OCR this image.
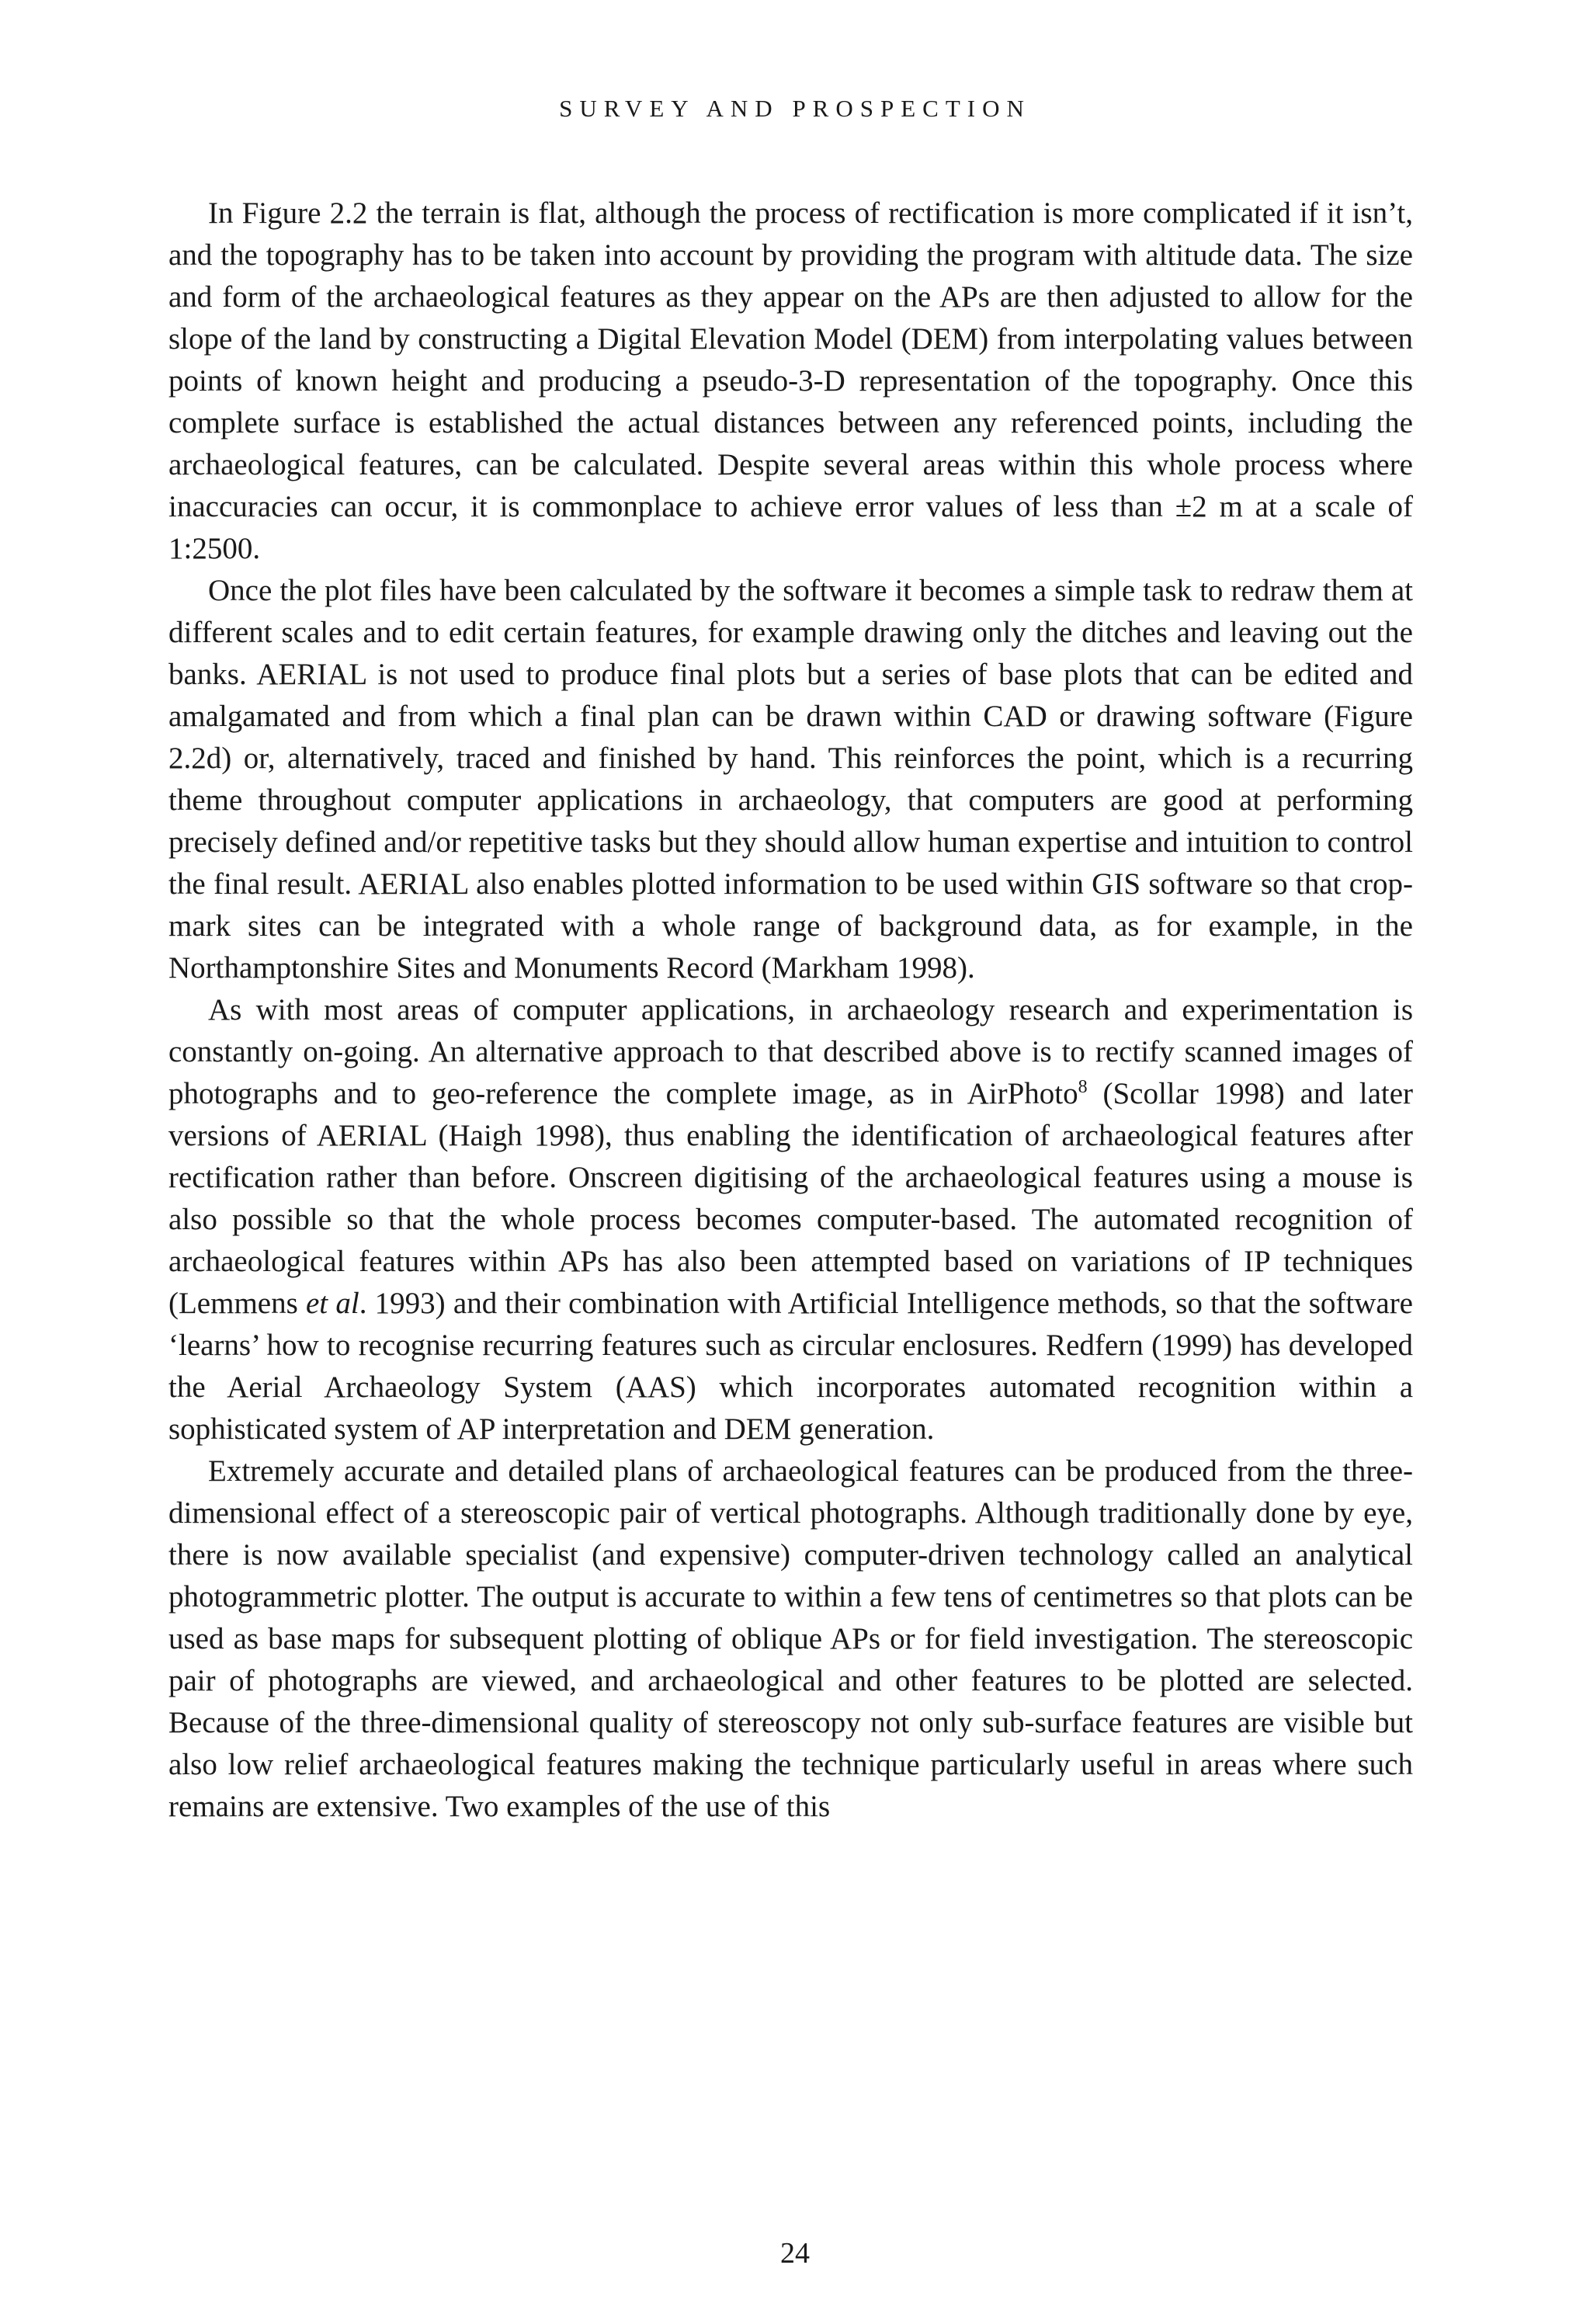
SURVEY AND PROSPECTION

In Figure 2.2 the terrain is flat, although the process of rectification is more complicated if it isn’t, and the topography has to be taken into account by providing the program with altitude data. The size and form of the archaeological features as they appear on the APs are then adjusted to allow for the slope of the land by constructing a Digital Elevation Model (DEM) from interpolating values between points of known height and producing a pseudo-3-D representation of the topography. Once this complete surface is established the actual distances between any referenced points, including the archaeological features, can be calculated. Despite several areas within this whole process where inaccuracies can occur, it is commonplace to achieve error values of less than ±2 m at a scale of 1:2500.

Once the plot files have been calculated by the software it becomes a simple task to redraw them at different scales and to edit certain features, for example drawing only the ditches and leaving out the banks. AERIAL is not used to produce final plots but a series of base plots that can be edited and amalgamated and from which a final plan can be drawn within CAD or drawing software (Figure 2.2d) or, alternatively, traced and finished by hand. This reinforces the point, which is a recurring theme throughout computer applications in archaeology, that computers are good at performing precisely defined and/or repetitive tasks but they should allow human expertise and intuition to control the final result. AERIAL also enables plotted information to be used within GIS software so that crop-mark sites can be integrated with a whole range of background data, as for example, in the Northamptonshire Sites and Monuments Record (Markham 1998).

As with most areas of computer applications, in archaeology research and experimentation is constantly on-going. An alternative approach to that described above is to rectify scanned images of photographs and to geo-reference the complete image, as in AirPhoto$^8$ (Scollar 1998) and later versions of AERIAL (Haigh 1998), thus enabling the identification of archaeological features after rectification rather than before. Onscreen digitising of the archaeological features using a mouse is also possible so that the whole process becomes computer-based. The automated recognition of archaeological features within APs has also been attempted based on variations of IP techniques (Lemmens et al. 1993) and their combination with Artificial Intelligence methods, so that the software ‘learns’ how to recognise recurring features such as circular enclosures. Redfern (1999) has developed the Aerial Archaeology System (AAS) which incorporates automated recognition within a sophisticated system of AP interpretation and DEM generation.

Extremely accurate and detailed plans of archaeological features can be produced from the three-dimensional effect of a stereoscopic pair of vertical photographs. Although traditionally done by eye, there is now available specialist (and expensive) computer-driven technology called an analytical photogrammetric plotter. The output is accurate to within a few tens of centimetres so that plots can be used as base maps for subsequent plotting of oblique APs or for field investigation. The stereoscopic pair of photographs are viewed, and archaeological and other features to be plotted are selected. Because of the three-dimensional quality of stereoscopy not only sub-surface features are visible but also low relief archaeological features making the technique particularly useful in areas where such remains are extensive. Two examples of the use of this

24
